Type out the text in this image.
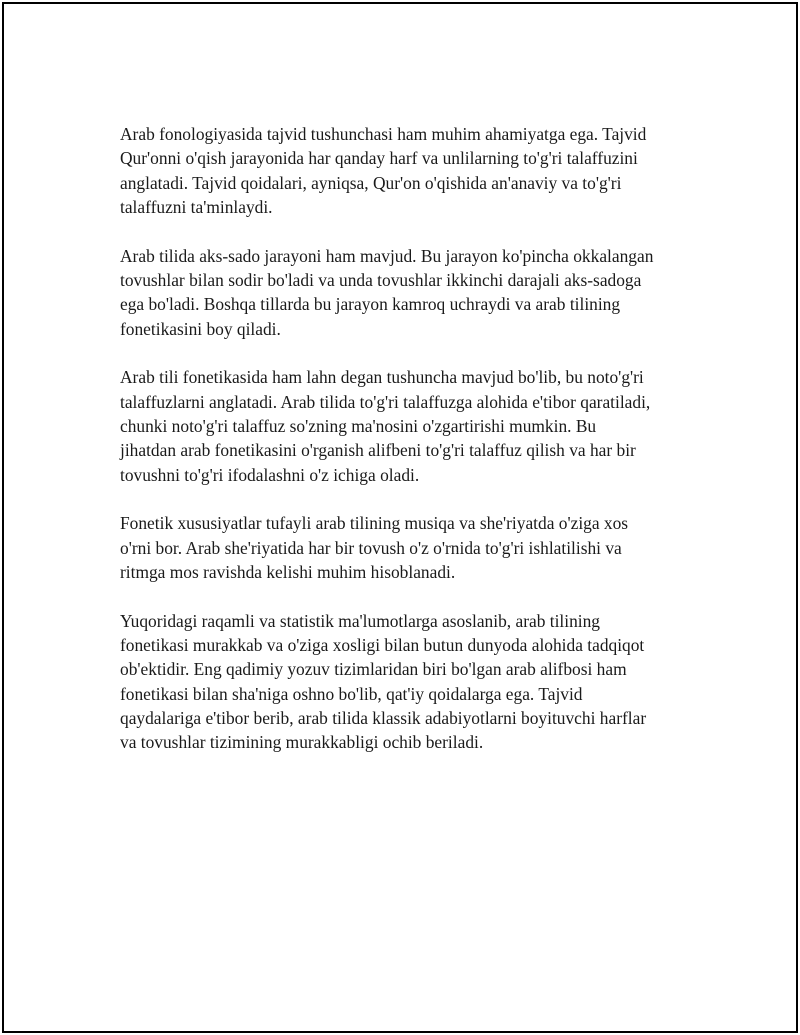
Arab fonologiyasida tajvid tushunchasi ham muhim ahamiyatga ega. Tajvid
Qur'onni o'qish jarayonida har qanday harf va unlilarning to'g'ri talaffuzini
anglatadi. Tajvid qoidalari, ayniqsa, Qur'on o'qishida an'anaviy va to'g'ri
talaffuzni ta'minlaydi.

Arab tilida aks-sado jarayoni ham mavjud. Bu jarayon ko'pincha okkalangan
tovushlar bilan sodir bo'ladi va unda tovushlar ikkinchi darajali aks-sadoga
ega bo'ladi. Boshqa tillarda bu jarayon kamroq uchraydi va arab tilining
fonetikasini boy qiladi.

Arab tili fonetikasida ham lahn degan tushuncha mavjud bo'lib, bu noto'g'ri
talaffuzlarni anglatadi. Arab tilida to'g'ri talaffuzga alohida e'tibor qaratiladi,
chunki noto'g'ri talaffuz so'zning ma'nosini o'zgartirishi mumkin. Bu
jihatdan arab fonetikasini o'rganish alifbeni to'g'ri talaffuz qilish va har bir
tovushni to'g'ri ifodalashni o'z ichiga oladi.

Fonetik xususiyatlar tufayli arab tilining musiqa va she'riyatda o'ziga xos
o'rni bor. Arab she'riyatida har bir tovush o'z o'rnida to'g'ri ishlatilishi va
ritmga mos ravishda kelishi muhim hisoblanadi.

Yuqoridagi raqamli va statistik ma'lumotlarga asoslanib, arab tilining
fonetikasi murakkab va o'ziga xosligi bilan butun dunyoda alohida tadqiqot
ob'ektidir. Eng qadimiy yozuv tizimlaridan biri bo'lgan arab alifbosi ham
fonetikasi bilan sha'niga oshno bo'lib, qat'iy qoidalarga ega. Tajvid
qaydalariga e'tibor berib, arab tilida klassik adabiyotlarni boyituvchi harflar
va tovushlar tizimining murakkabligi ochib beriladi.
